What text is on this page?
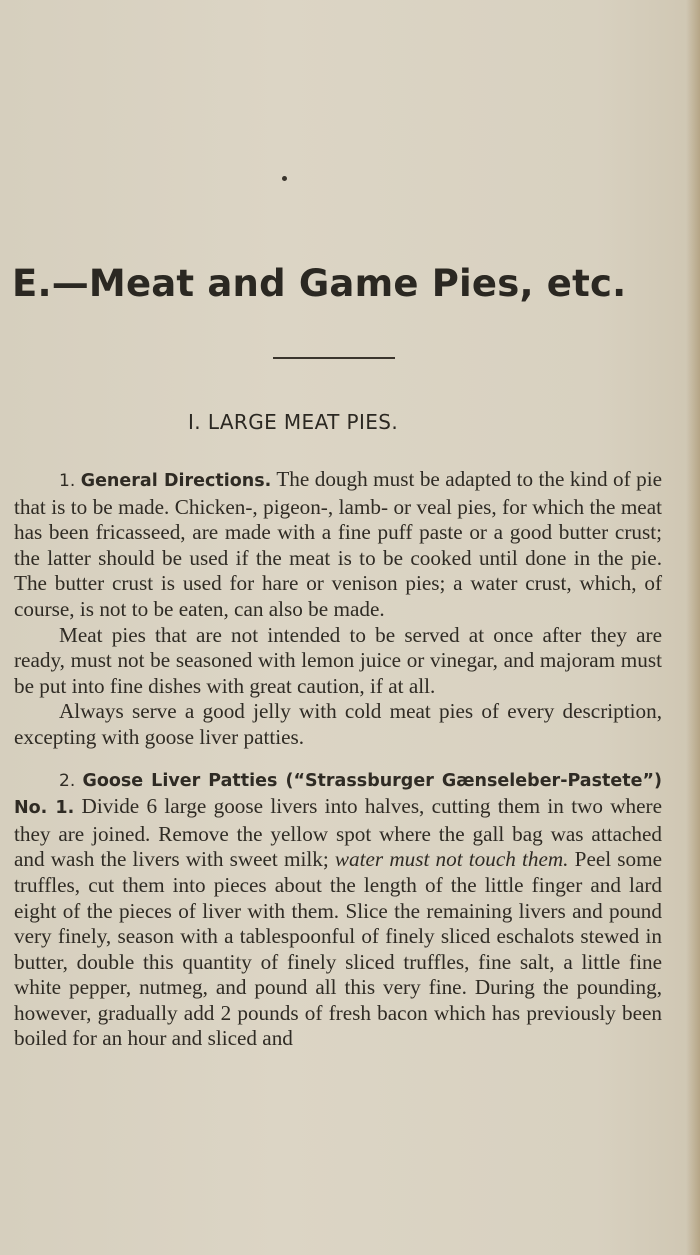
E.—Meat and Game Pies, etc.
I. LARGE MEAT PIES.

1. General Directions. The dough must be adapted to the kind of pie that is to be made. Chicken-, pigeon-, lamb- or veal pies, for which the meat has been fricasseed, are made with a fine puff paste or a good butter crust; the latter should be used if the meat is to be cooked until done in the pie. The butter crust is used for hare or venison pies; a water crust, which, of course, is not to be eaten, can also be made.

Meat pies that are not intended to be served at once after they are ready, must not be seasoned with lemon juice or vinegar, and majoram must be put into fine dishes with great caution, if at all.

Always serve a good jelly with cold meat pies of every description, excepting with goose liver patties.

2. Goose Liver Patties (“Strassburger Gænseleber-Pastete”) No. 1. Divide 6 large goose livers into halves, cutting them in two where they are joined. Remove the yellow spot where the gall bag was attached and wash the livers with sweet milk; water must not touch them. Peel some truffles, cut them into pieces about the length of the little finger and lard eight of the pieces of liver with them. Slice the remaining livers and pound very finely, season with a tablespoonful of finely sliced eschalots stewed in butter, double this quantity of finely sliced truffles, fine salt, a little fine white pepper, nutmeg, and pound all this very fine. During the pounding, however, gradually add 2 pounds of fresh bacon which has previously been boiled for an hour and sliced and
